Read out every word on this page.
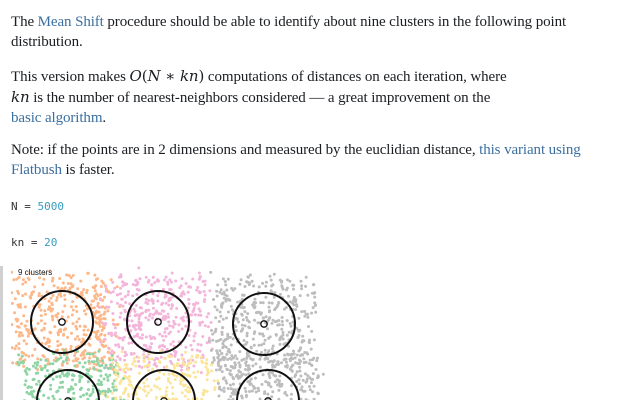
The Mean Shift procedure should be able to identify about nine clusters in the following point distribution.

This version makes O(N ∗ kn) computations of distances on each iteration, where
kn is the number of nearest-neighbors considered — a great improvement on the
basic algorithm.

Note: if the points are in 2 dimensions and measured by the euclidian distance, this variant using Flatbush is faster.

N = 5000
kn = 20
9 clusters
